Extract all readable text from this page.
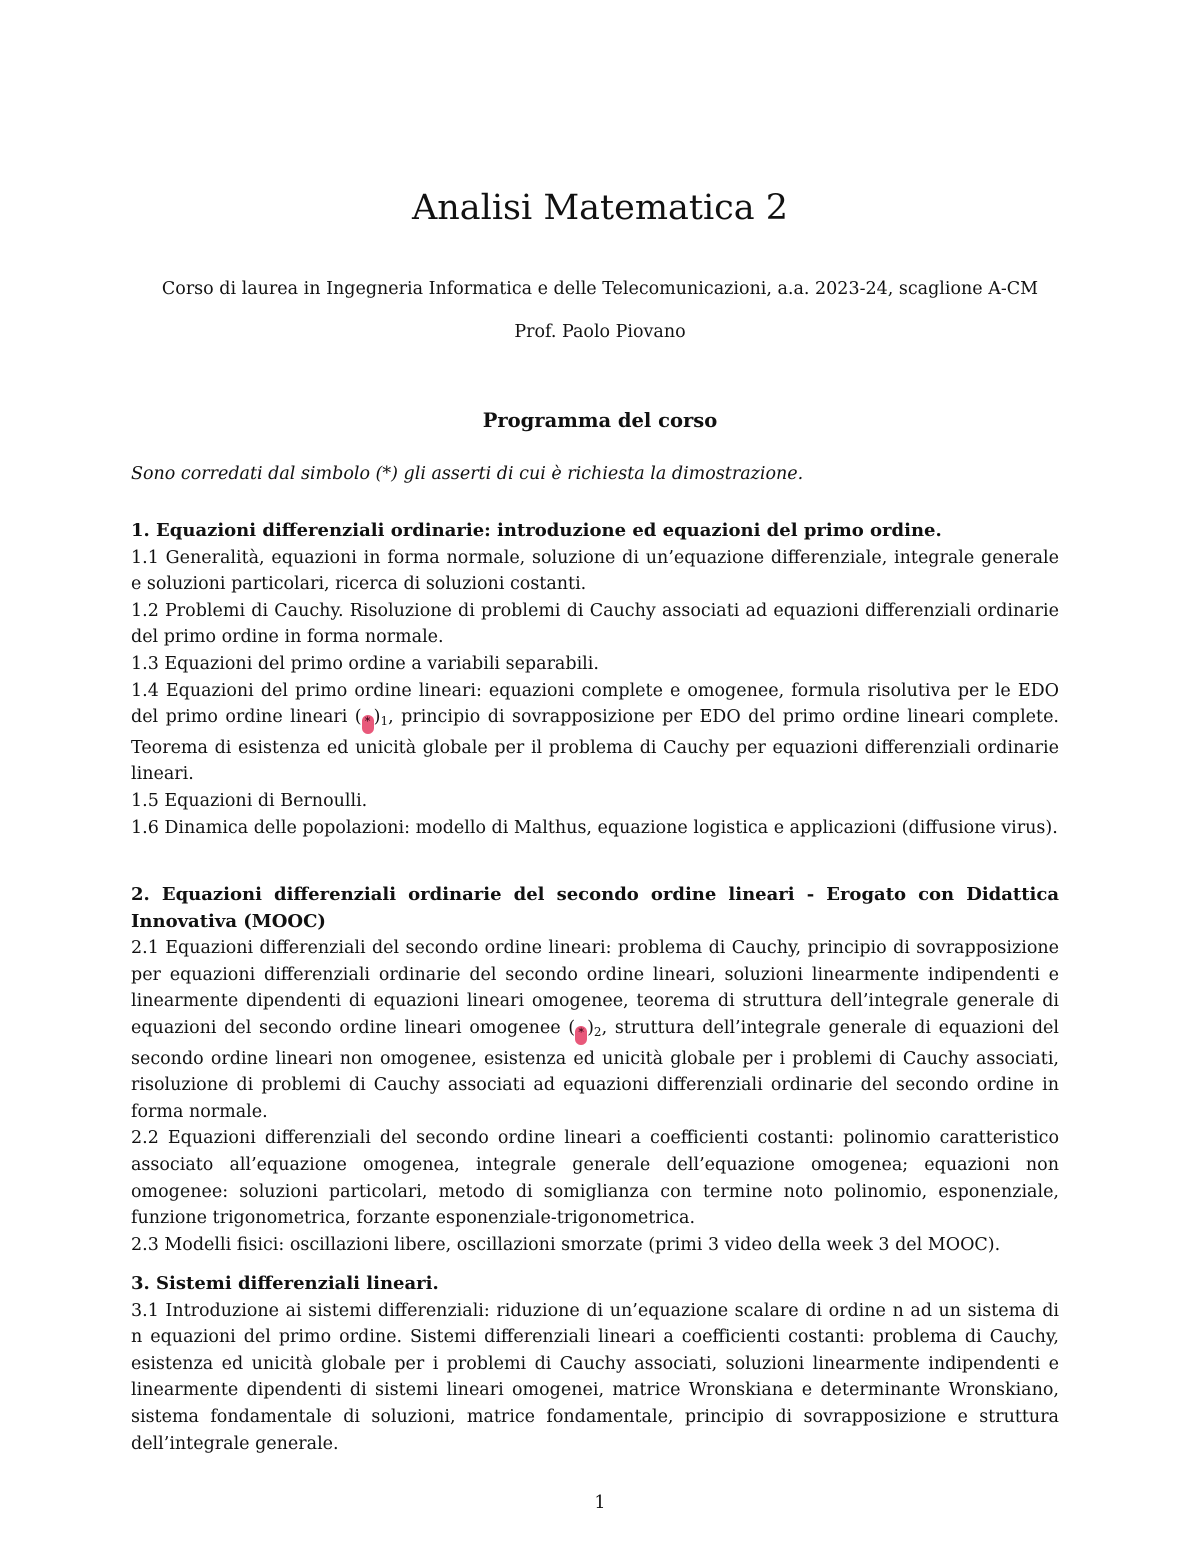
Analisi Matematica 2
Corso di laurea in Ingegneria Informatica e delle Telecomunicazioni, a.a. 2023-24, scaglione A-CM
Prof. Paolo Piovano
Programma del corso
Sono corredati dal simbolo (*) gli asserti di cui è richiesta la dimostrazione.

1. Equazioni differenziali ordinarie: introduzione ed equazioni del primo ordine.

1.1 Generalità, equazioni in forma normale, soluzione di un’equazione differenziale, integrale generale e soluzioni particolari, ricerca di soluzioni costanti.

1.2 Problemi di Cauchy. Risoluzione di problemi di Cauchy associati ad equazioni differenziali ordinarie del primo ordine in forma normale.

1.3 Equazioni del primo ordine a variabili separabili.

1.4 Equazioni del primo ordine lineari: equazioni complete e omogenee, formula risolutiva per le EDO del primo ordine lineari ( * )$_1$, principio di sovrapposizione per EDO del primo ordine lineari complete. Teorema di esistenza ed unicità globale per il problema di Cauchy per equazioni differenziali ordinarie lineari.

1.5 Equazioni di Bernoulli.

1.6 Dinamica delle popolazioni: modello di Malthus, equazione logistica e applicazioni (diffusione virus).

2. Equazioni differenziali ordinarie del secondo ordine lineari - Erogato con Didattica Innovativa (MOOC)

2.1 Equazioni differenziali del secondo ordine lineari: problema di Cauchy, principio di sovrapposizione per equazioni differenziali ordinarie del secondo ordine lineari, soluzioni linearmente indipendenti e linearmente dipendenti di equazioni lineari omogenee, teorema di struttura dell’integrale generale di equazioni del secondo ordine lineari omogenee ( * )$_2$, struttura dell’integrale generale di equazioni del secondo ordine lineari non omogenee, esistenza ed unicità globale per i problemi di Cauchy associati, risoluzione di problemi di Cauchy associati ad equazioni differenziali ordinarie del secondo ordine in forma normale.

2.2 Equazioni differenziali del secondo ordine lineari a coefficienti costanti: polinomio caratteristico associato all’equazione omogenea, integrale generale dell’equazione omogenea; equazioni non omogenee: soluzioni particolari, metodo di somiglianza con termine noto polinomio, esponenziale, funzione trigonometrica, forzante esponenziale-trigonometrica.

2.3 Modelli fisici: oscillazioni libere, oscillazioni smorzate (primi 3 video della week 3 del MOOC).

3. Sistemi differenziali lineari.

3.1 Introduzione ai sistemi differenziali: riduzione di un’equazione scalare di ordine n ad un sistema di n equazioni del primo ordine. Sistemi differenziali lineari a coefficienti costanti: problema di Cauchy, esistenza ed unicità globale per i problemi di Cauchy associati, soluzioni linearmente indipendenti e linearmente dipendenti di sistemi lineari omogenei, matrice Wronskiana e determinante Wronskiano, sistema fondamentale di soluzioni, matrice fondamentale, principio di sovrapposizione e struttura dell’integrale generale.

1
